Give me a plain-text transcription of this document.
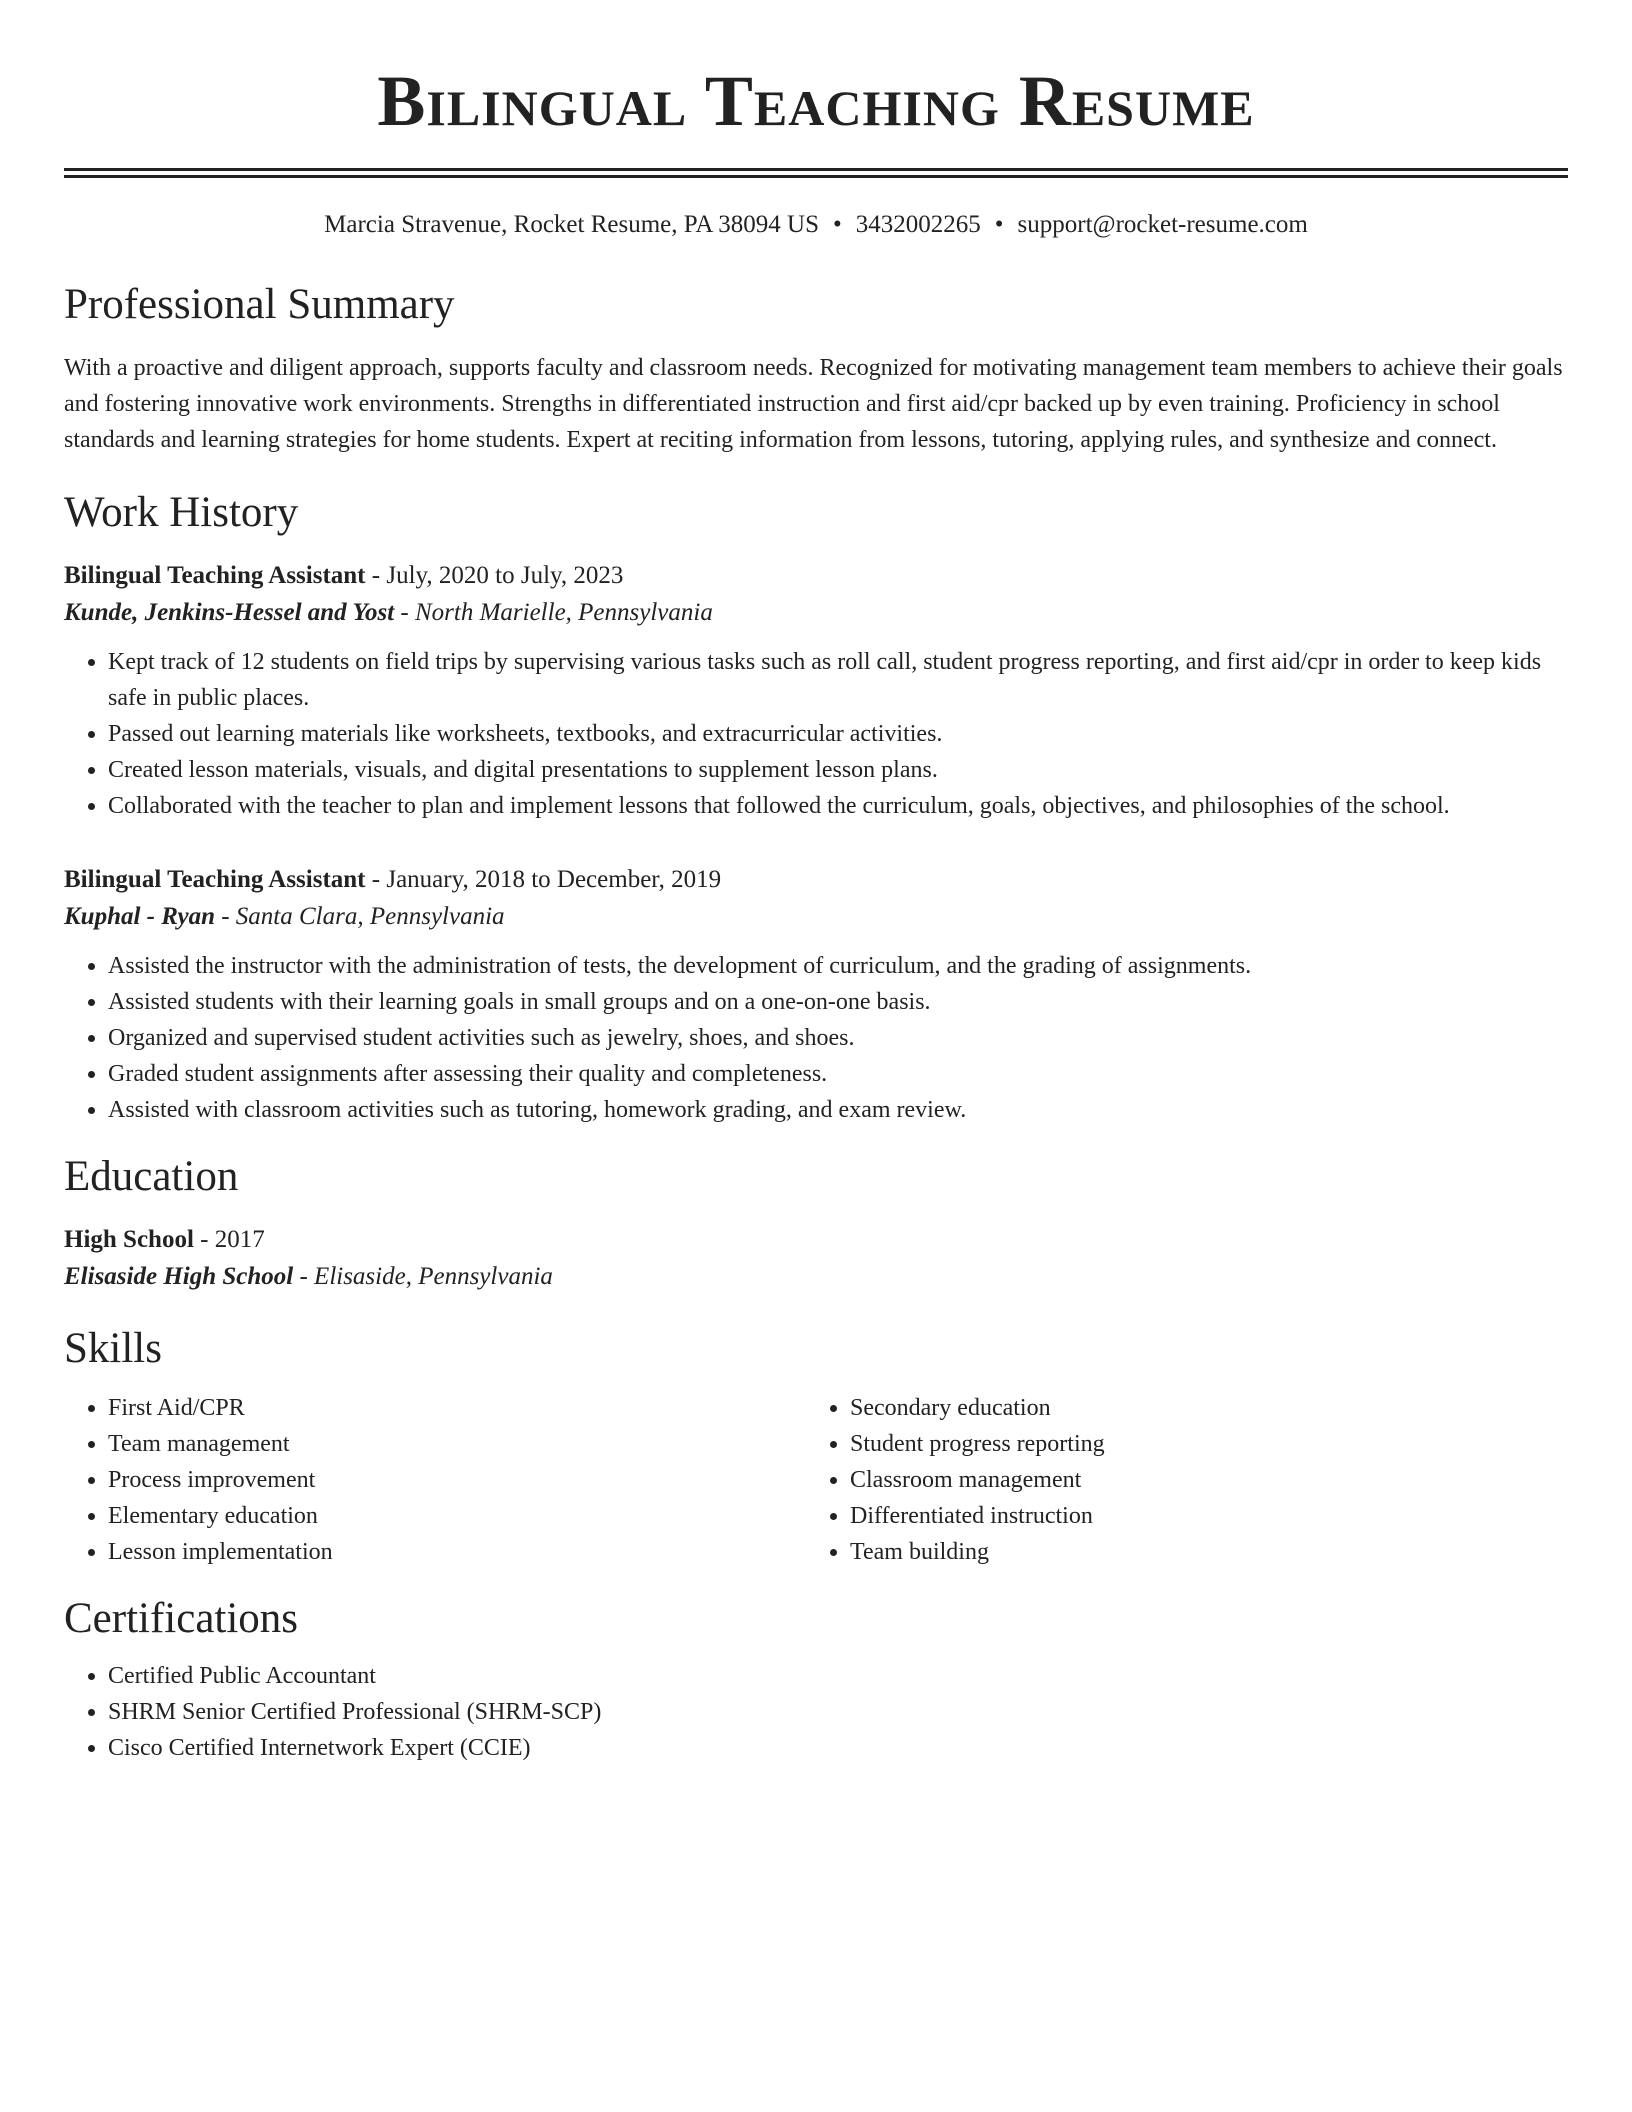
Bilingual Teaching Resume
Marcia Stravenue, Rocket Resume, PA 38094 US • 3432002265 • support@rocket-resume.com
Professional Summary

With a proactive and diligent approach, supports faculty and classroom needs. Recognized for motivating management team members to achieve their goals and fostering innovative work environments. Strengths in differentiated instruction and first aid/cpr backed up by even training. Proficiency in school standards and learning strategies for home students. Expert at reciting information from lessons, tutoring, applying rules, and synthesize and connect.

Work History
Bilingual Teaching Assistant - July, 2020 to July, 2023
Kunde, Jenkins-Hessel and Yost - North Marielle, Pennsylvania
• Kept track of 12 students on field trips by supervising various tasks such as roll call, student progress reporting, and first aid/cpr in order to keep kids safe in public places.
• Passed out learning materials like worksheets, textbooks, and extracurricular activities.
• Created lesson materials, visuals, and digital presentations to supplement lesson plans.
• Collaborated with the teacher to plan and implement lessons that followed the curriculum, goals, objectives, and philosophies of the school.
Bilingual Teaching Assistant - January, 2018 to December, 2019
Kuphal - Ryan - Santa Clara, Pennsylvania
• Assisted the instructor with the administration of tests, the development of curriculum, and the grading of assignments.
• Assisted students with their learning goals in small groups and on a one-on-one basis.
• Organized and supervised student activities such as jewelry, shoes, and shoes.
• Graded student assignments after assessing their quality and completeness.
• Assisted with classroom activities such as tutoring, homework grading, and exam review.
Education
High School - 2017
Elisaside High School - Elisaside, Pennsylvania
Skills
• First Aid/CPR
• Team management
• Process improvement
• Elementary education
• Lesson implementation
• Secondary education
• Student progress reporting
• Classroom management
• Differentiated instruction
• Team building
Certifications
• Certified Public Accountant
• SHRM Senior Certified Professional (SHRM-SCP)
• Cisco Certified Internetwork Expert (CCIE)
